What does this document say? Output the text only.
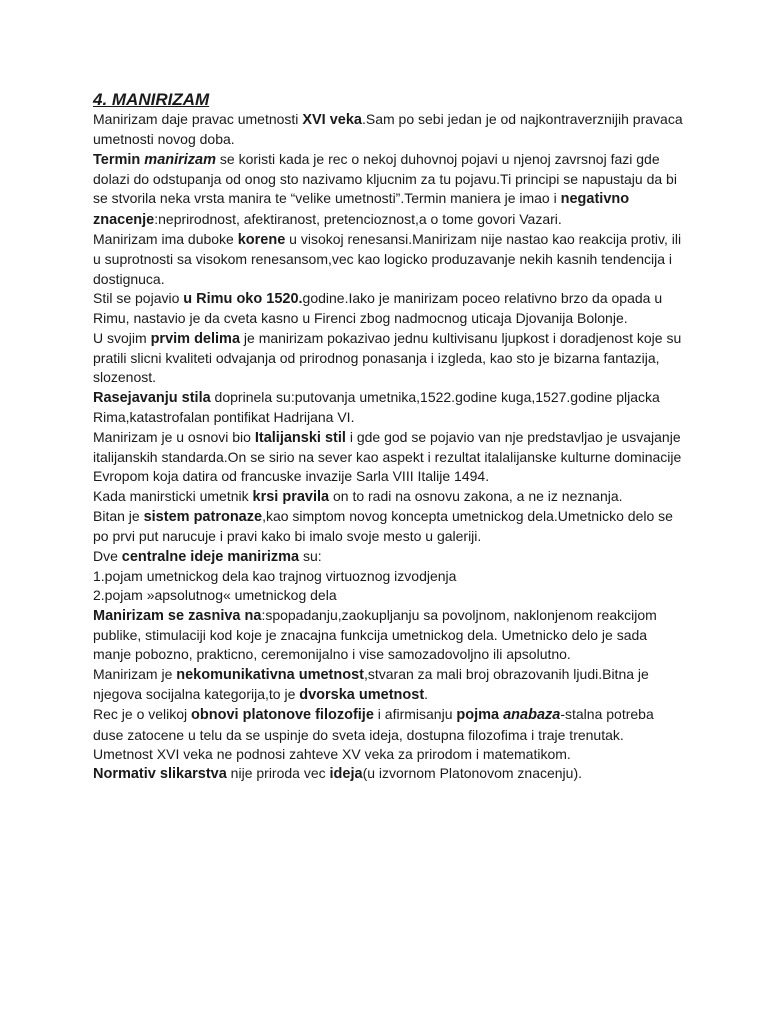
4. MANIRIZAM

Manirizam daje pravac umetnosti XVI veka.Sam po sebi jedan je od najkontraverznijih pravaca umetnosti novog doba.

Termin manirizam se koristi kada je rec o nekoj duhovnoj pojavi u njenoj zavrsnoj fazi gde dolazi do odstupanja od onog sto nazivamo kljucnim za tu pojavu.Ti principi se napustaju da bi se stvorila neka vrsta manira te “velike umetnosti”.Termin maniera je imao i negativno znacenje:neprirodnost, afektiranost, pretencioznost,a o tome govori Vazari.

Manirizam ima duboke korene u visokoj renesansi.Manirizam nije nastao kao reakcija protiv, ili u suprotnosti sa visokom renesansom,vec kao logicko produzavanje nekih kasnih tendencija i dostignuca.

Stil se pojavio u Rimu oko 1520.godine.Iako je manirizam poceo relativno brzo da opada u Rimu, nastavio je da cveta kasno u Firenci zbog nadmocnog uticaja Djovanija Bolonje.

U svojim prvim delima je manirizam pokazivao jednu kultivisanu ljupkost i doradjenost koje su pratili slicni kvaliteti odvajanja od prirodnog ponasanja i izgleda, kao sto je bizarna fantazija, slozenost.

Rasejavanju stila doprinela su:putovanja umetnika,1522.godine kuga,1527.godine pljacka Rima,katastrofalan pontifikat Hadrijana VI.

Manirizam je u osnovi bio Italijanski stil i gde god se pojavio van nje predstavljao je usvajanje italijanskih standarda.On se sirio na sever kao aspekt i rezultat italalijanske kulturne dominacije Evropom koja datira od francuske invazije Sarla VIII Italije 1494.

Kada manirsticki umetnik krsi pravila on to radi na osnovu zakona, a ne iz neznanja.

Bitan je sistem patronaze,kao simptom novog koncepta umetnickog dela.Umetnicko delo se po prvi put narucuje i pravi kako bi imalo svoje mesto u galeriji.

Dve centralne ideje manirizma su:

1.pojam umetnickog dela kao trajnog virtuoznog izvodjenja

2.pojam »apsolutnog« umetnickog dela

Manirizam se zasniva na:spopadanju,zaokupljanju sa povoljnom, naklonjenom reakcijom publike, stimulaciji kod koje je znacajna funkcija umetnickog dela. Umetnicko delo je sada manje pobozno, prakticno, ceremonijalno i vise samozadovoljno ili apsolutno.

Manirizam je nekomunikativna umetnost,stvaran za mali broj obrazovanih ljudi.Bitna je njegova socijalna kategorija,to je dvorska umetnost.

Rec je o velikoj obnovi platonove filozofije i afirmisanju pojma anabaza-stalna potreba duse zatocene u telu da se uspinje do sveta ideja, dostupna filozofima i traje trenutak.

Umetnost XVI veka ne podnosi zahteve XV veka za prirodom i matematikom.

Normativ slikarstva nije priroda vec ideja(u izvornom Platonovom znacenju).
